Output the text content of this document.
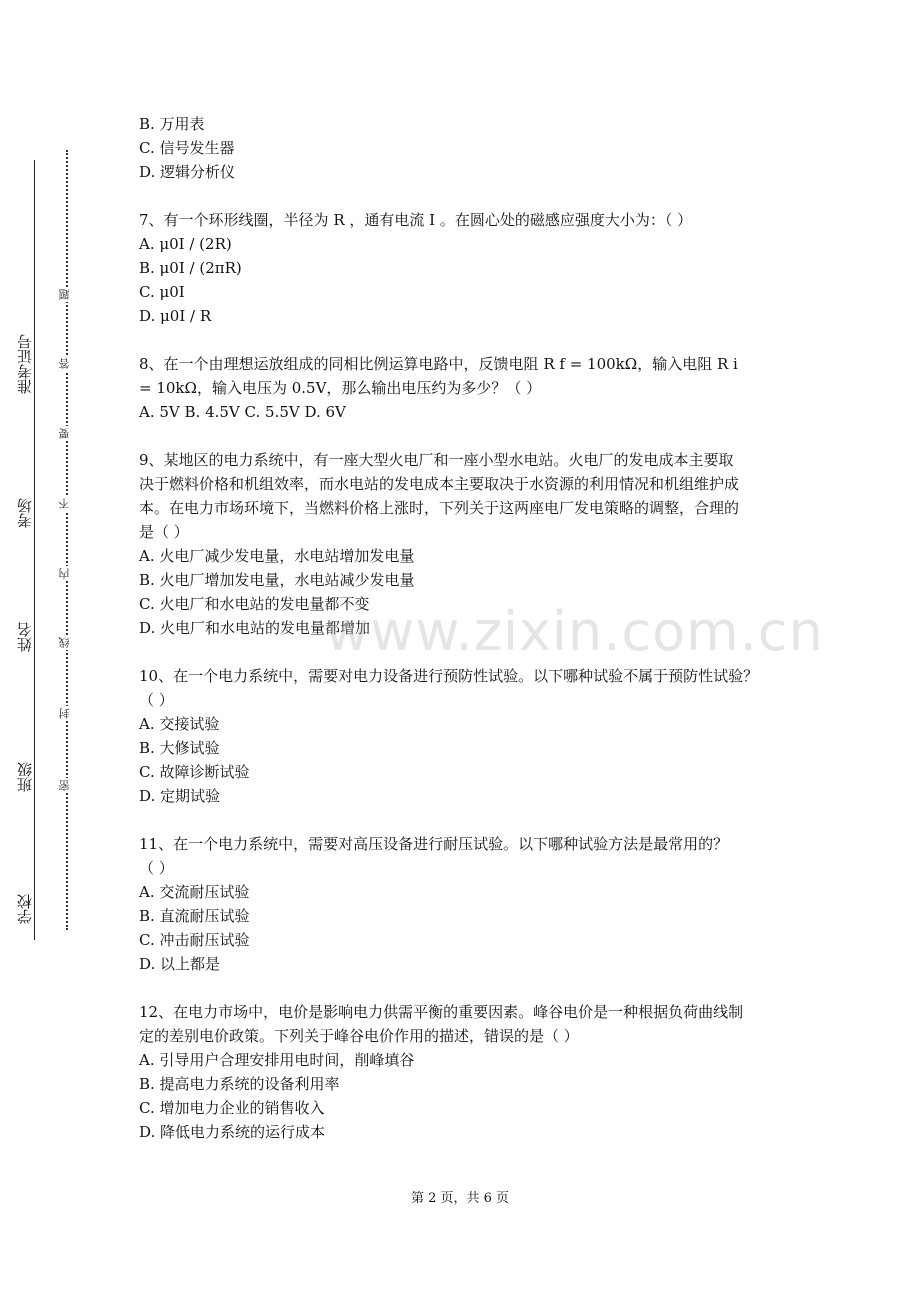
学校
班级
姓名
考场
准考证号
密
封
线
内
不
要
答
题
B. 万用表
C. 信号发生器
D. 逻辑分析仪
7、有一个环形线圈，半径为 R ，通有电流 I 。在圆心处的磁感应强度大小为：（ ）
A. μ0I / (2R)
B. μ0I / (2πR)
C. μ0I
D. μ0I / R
8、在一个由理想运放组成的同相比例运算电路中，反馈电阻 R f = 100kΩ，输入电阻 R i
= 10kΩ，输入电压为 0.5V，那么输出电压约为多少？（ ）
A. 5V B. 4.5V C. 5.5V D. 6V
9、某地区的电力系统中，有一座大型火电厂和一座小型水电站。火电厂的发电成本主要取
决于燃料价格和机组效率，而水电站的发电成本主要取决于水资源的利用情况和机组维护成
本。在电力市场环境下，当燃料价格上涨时，下列关于这两座电厂发电策略的调整，合理的
是（ ）
A. 火电厂减少发电量，水电站增加发电量
B. 火电厂增加发电量，水电站减少发电量
C. 火电厂和水电站的发电量都不变
D. 火电厂和水电站的发电量都增加
10、在一个电力系统中，需要对电力设备进行预防性试验。以下哪种试验不属于预防性试验？
（ ）
A. 交接试验
B. 大修试验
C. 故障诊断试验
D. 定期试验
11、在一个电力系统中，需要对高压设备进行耐压试验。以下哪种试验方法是最常用的？
（ ）
A. 交流耐压试验
B. 直流耐压试验
C. 冲击耐压试验
D. 以上都是
12、在电力市场中，电价是影响电力供需平衡的重要因素。峰谷电价是一种根据负荷曲线制
定的差别电价政策。下列关于峰谷电价作用的描述，错误的是（ ）
A. 引导用户合理安排用电时间，削峰填谷
B. 提高电力系统的设备利用率
C. 增加电力企业的销售收入
D. 降低电力系统的运行成本
www.zixin.com.cn
第 2 页，共 6 页
